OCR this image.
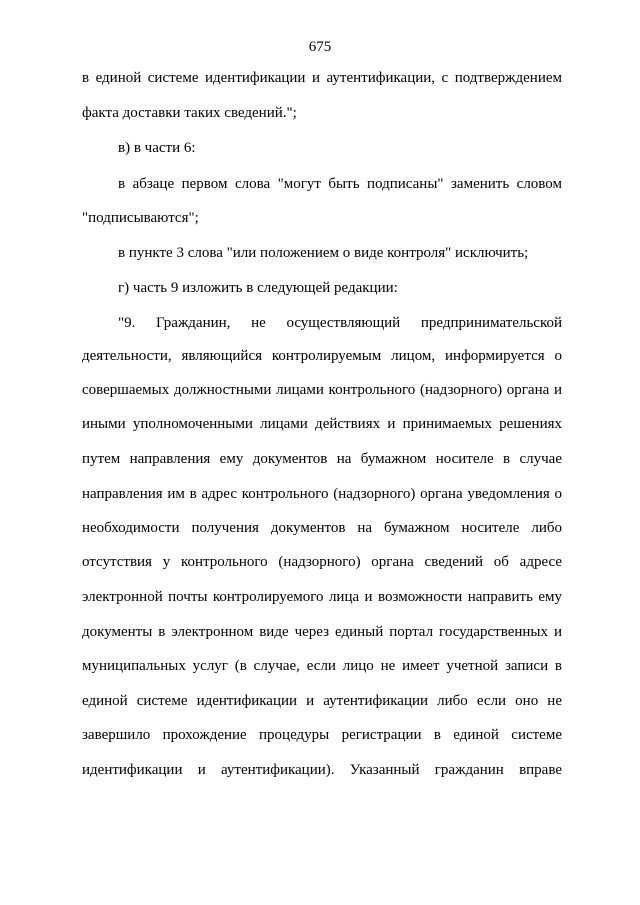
675
в единой системе идентификации и аутентификации, с подтверждением
факта доставки таких сведений.";
в) в части 6:
в абзаце первом слова "могут быть подписаны" заменить словом
"подписываются";
в пункте 3 слова "или положением о виде контроля" исключить;
г) часть 9 изложить в следующей редакции:
"9. Гражданин, не осуществляющий предпринимательской
деятельности, являющийся контролируемым лицом, информируется о
совершаемых должностными лицами контрольного (надзорного) органа и
иными уполномоченными лицами действиях и принимаемых решениях
путем направления ему документов на бумажном носителе в случае
направления им в адрес контрольного (надзорного) органа уведомления о
необходимости получения документов на бумажном носителе либо
отсутствия у контрольного (надзорного) органа сведений об адресе
электронной почты контролируемого лица и возможности направить ему
документы в электронном виде через единый портал государственных и
муниципальных услуг (в случае, если лицо не имеет учетной записи в
единой системе идентификации и аутентификации либо если оно не
завершило прохождение процедуры регистрации в единой системе
идентификации и аутентификации). Указанный гражданин вправе
